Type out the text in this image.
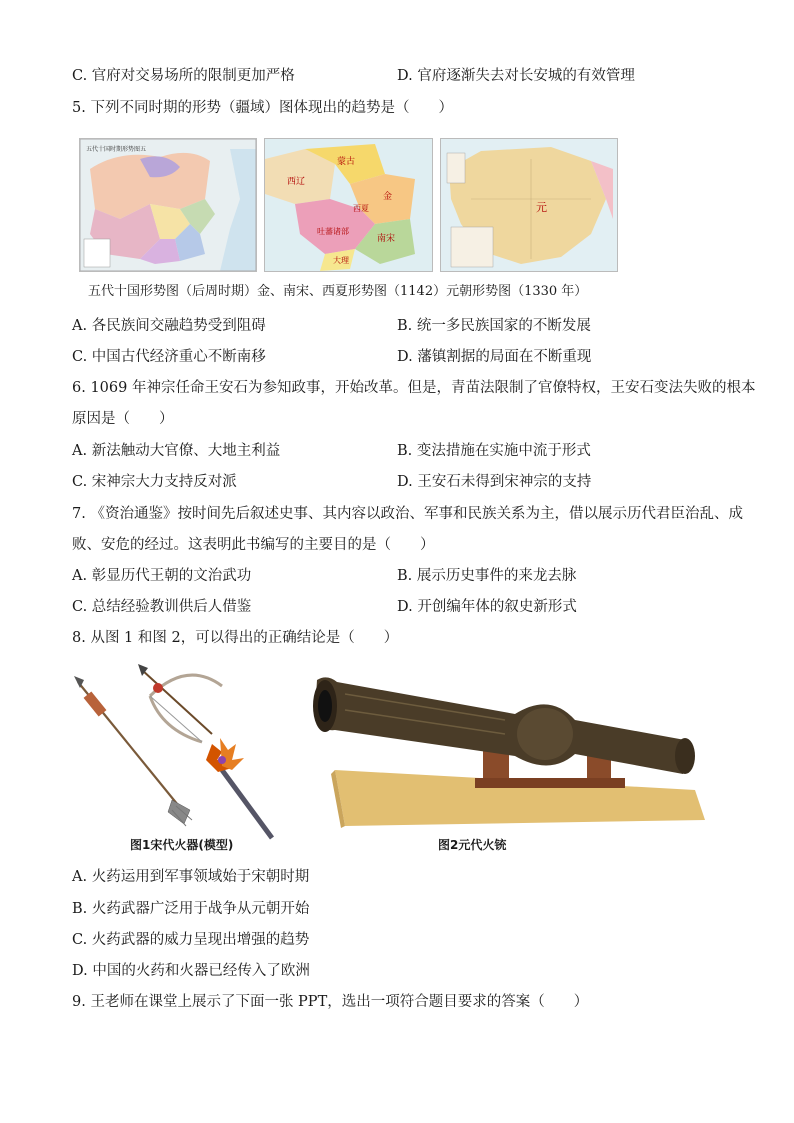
C. 官府对交易场所的限制更加严格	D. 官府逐渐失去对长安城的有效管理
5. 下列不同时期的形势（疆域）图体现出的趋势是（　　）
五代十国时期形势图五
西辽
蒙古
金
西夏
吐蕃诸部
南宋
大理
元
五代十国形势图（后周时期）金、南宋、西夏形势图（1142）元朝形势图（1330 年）
A. 各民族间交融趋势受到阻碍	B. 统一多民族国家的不断发展
C. 中国古代经济重心不断南移	D. 藩镇割据的局面在不断重现
6. 1069 年神宗任命王安石为参知政事，开始改革。但是，青苗法限制了官僚特权，王安石变法失败的根本
原因是（　　）
A. 新法触动大官僚、大地主利益	B. 变法措施在实施中流于形式
C. 宋神宗大力支持反对派	D. 王安石未得到宋神宗的支持
7. 《资治通鉴》按时间先后叙述史事、其内容以政治、军事和民族关系为主，借以展示历代君臣治乱、成
败、安危的经过。这表明此书编写的主要目的是（　　）
A. 彰显历代王朝的文治武功	B. 展示历史事件的来龙去脉
C. 总结经验教训供后人借鉴	D. 开创编年体的叙史新形式
8. 从图 1 和图 2，可以得出的正确结论是（　　）
图1宋代火器(模型)	图2元代火铳
A. 火药运用到军事领域始于宋朝时期
B. 火药武器广泛用于战争从元朝开始
C. 火药武器的威力呈现出增强的趋势
D. 中国的火药和火器已经传入了欧洲
9. 王老师在课堂上展示了下面一张 PPT，选出一项符合题目要求的答案（　　）
